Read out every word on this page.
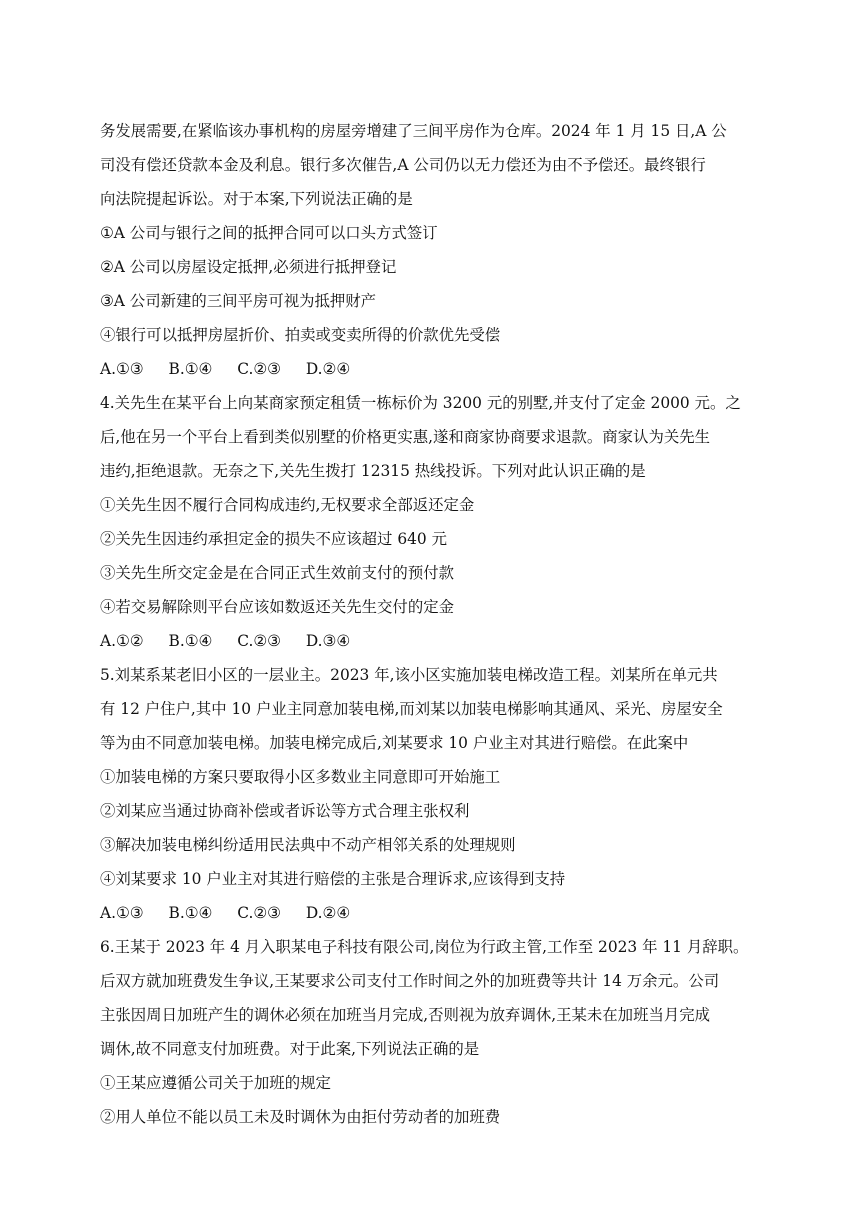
务发展需要,在紧临该办事机构的房屋旁增建了三间平房作为仓库。2024 年 1 月 15 日,A 公
司没有偿还贷款本金及利息。银行多次催告,A 公司仍以无力偿还为由不予偿还。最终银行
向法院提起诉讼。对于本案,下列说法正确的是
①A 公司与银行之间的抵押合同可以口头方式签订
②A 公司以房屋设定抵押,必须进行抵押登记
③A 公司新建的三间平房可视为抵押财产
④银行可以抵押房屋折价、拍卖或变卖所得的价款优先受偿
A.①③ B.①④ C.②③ D.②④
4.关先生在某平台上向某商家预定租赁一栋标价为 3200 元的别墅,并支付了定金 2000 元。之
后,他在另一个平台上看到类似别墅的价格更实惠,遂和商家协商要求退款。商家认为关先生
违约,拒绝退款。无奈之下,关先生拨打 12315 热线投诉。下列对此认识正确的是
①关先生因不履行合同构成违约,无权要求全部返还定金
②关先生因违约承担定金的损失不应该超过 640 元
③关先生所交定金是在合同正式生效前支付的预付款
④若交易解除则平台应该如数返还关先生交付的定金
A.①② B.①④ C.②③ D.③④
5.刘某系某老旧小区的一层业主。2023 年,该小区实施加装电梯改造工程。刘某所在单元共
有 12 户住户,其中 10 户业主同意加装电梯,而刘某以加装电梯影响其通风、采光、房屋安全
等为由不同意加装电梯。加装电梯完成后,刘某要求 10 户业主对其进行赔偿。在此案中
①加装电梯的方案只要取得小区多数业主同意即可开始施工
②刘某应当通过协商补偿或者诉讼等方式合理主张权利
③解决加装电梯纠纷适用民法典中不动产相邻关系的处理规则
④刘某要求 10 户业主对其进行赔偿的主张是合理诉求,应该得到支持
A.①③ B.①④ C.②③ D.②④
6.王某于 2023 年 4 月入职某电子科技有限公司,岗位为行政主管,工作至 2023 年 11 月辞职。
后双方就加班费发生争议,王某要求公司支付工作时间之外的加班费等共计 14 万余元。公司
主张因周日加班产生的调休必须在加班当月完成,否则视为放弃调休,王某未在加班当月完成
调休,故不同意支付加班费。对于此案,下列说法正确的是
①王某应遵循公司关于加班的规定
②用人单位不能以员工未及时调休为由拒付劳动者的加班费
